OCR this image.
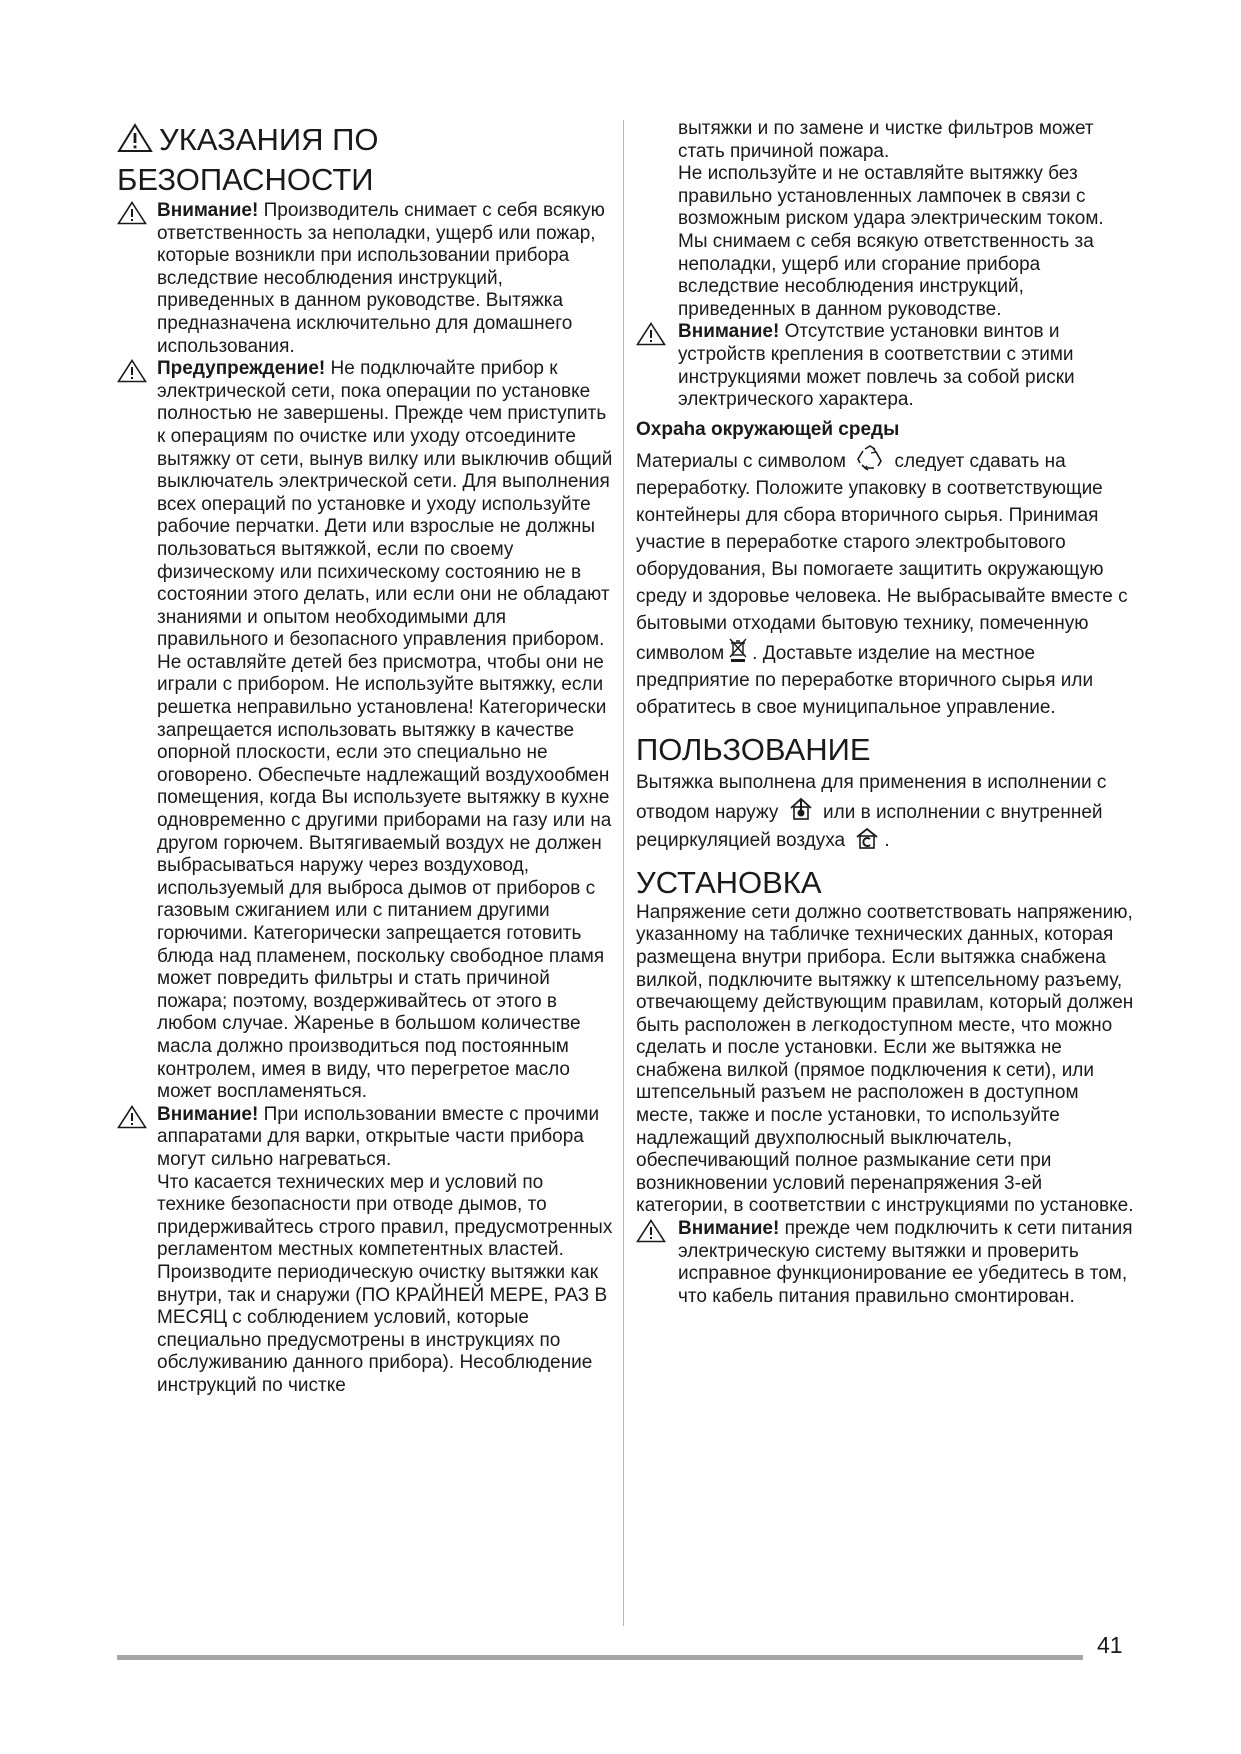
УКАЗАНИЯ ПО
БЕЗОПАСНОСТИ
Внимание! Производитель снимает с себя всякую ответственность за неполадки, ущерб или пожар, которые возникли при использовании прибора вследствие несоблюдения инструкций, приведенных в данном руководстве. Вытяжка предназначена исключительно для домашнего использования.
Предупреждение! Не подключайте прибор к электрической сети, пока операции по установке полностью не завершены. Прежде чем приступить к операциям по очистке или уходу отсоедините вытяжку от сети, вынув вилку или выключив общий выключатель электрической сети. Для выполнения всех операций по установке и уходу используйте рабочие перчатки. Дети или взрослые не должны пользоваться вытяжкой, если по своему физическому или психическому состоянию не в состоянии этого делать, или если они не обладают знаниями и опытом необходимыми для правильного и безопасного управления прибором.

Не оставляйте детей без присмотра, чтобы они не играли с прибором. Не используйте вытяжку, если решетка неправильно установлена! Категорически запрещается использовать вытяжку в качестве опорной плоскости, если это специально не оговорено. Обеспечьте надлежащий воздухообмен помещения, когда Вы используете вытяжку в кухне одновременно с другими приборами на газу или на другом горючем. Вытягиваемый воздух не должен выбрасываться наружу через воздуховод, используемый для выброса дымов от приборов с газовым сжиганием или с питанием другими горючими. Категорически запрещается готовить блюда над пламенем, поскольку свободное пламя может повредить фильтры и стать причиной пожара; поэтому, воздерживайтесь от этого в любом случае. Жаренье в большом количестве масла должно производиться под постоянным контролем, имея в виду, что перегретое масло может воспламеняться.

Внимание! При использовании вместе с прочими аппаратами для варки, открытые части прибора могут сильно нагреваться.

Что касается технических мер и условий по технике безопасности при отводе дымов, то придерживайтесь строго правил, предусмотренных регламентом местных компетентных властей. Производите периодическую очистку вытяжки как внутри, так и снаружи (ПО КРАЙНЕЙ МЕРЕ, РАЗ В МЕСЯЦ с соблюдением условий, которые специально предусмотрены в инструкциях по обслуживанию данного прибора). Несоблюдение инструкций по чистке

вытяжки и по замене и чистке фильтров может стать причиной пожара.

Не используйте и не оставляйте вытяжку без правильно установленных лампочек в связи с возможным риском удара электрическим током. Мы снимаем с себя всякую ответственность за неполадки, ущерб или сгорание прибора вследствие несоблюдения инструкций, приведенных в данном руководстве.

Внимание! Отсутствие установки винтов и устройств крепления в соответствии с этими инструкциями может повлечь за собой риски электрического характера.
Oxpaha окружающей среды

Материалы с символом	следует сдавать на переработку. Положите упаковку в соответствующие контейнеры для сбора вторичного сырья. Принимая участие в переработке старого электробытового оборудования, Вы помогаете защитить окружающую среду и здоровье человека. Не выбрасывайте вместе с бытовыми отходами бытовую технику, помеченную
символом . Доставьте изделие на местное предприятие по переработке вторичного сырья или обратитесь в свое муниципальное управление.

ПОЛЬЗОВАНИЕ

Вытяжка выполнена для применения в исполнении с отводом наружу или в исполнении с внутренней рециркуляцией воздуха .

УСТАНОВКА

Напряжение сети должно соответствовать напряжению, указанному на табличке технических данных, которая размещена внутри прибора. Если вытяжка снабжена вилкой, подключите вытяжку к штепсельному разъему, отвечающему действующим правилам, который должен быть расположен в легкодоступном месте, что можно сделать и после установки. Если же вытяжка не снабжена вилкой (прямое подключения к сети), или штепсельный разъем не расположен в доступном месте, также и после установки, то используйте надлежащий двухполюсный выключатель, обеспечивающий полное размыкание сети при возникновении условий перенапряжения 3-ей категории, в соответствии с инструкциями по установке.

Внимание! прежде чем подключить к сети питания электрическую систему вытяжки и проверить исправное функционирование ее убедитесь в том, что кабель питания правильно смонтирован.
41
